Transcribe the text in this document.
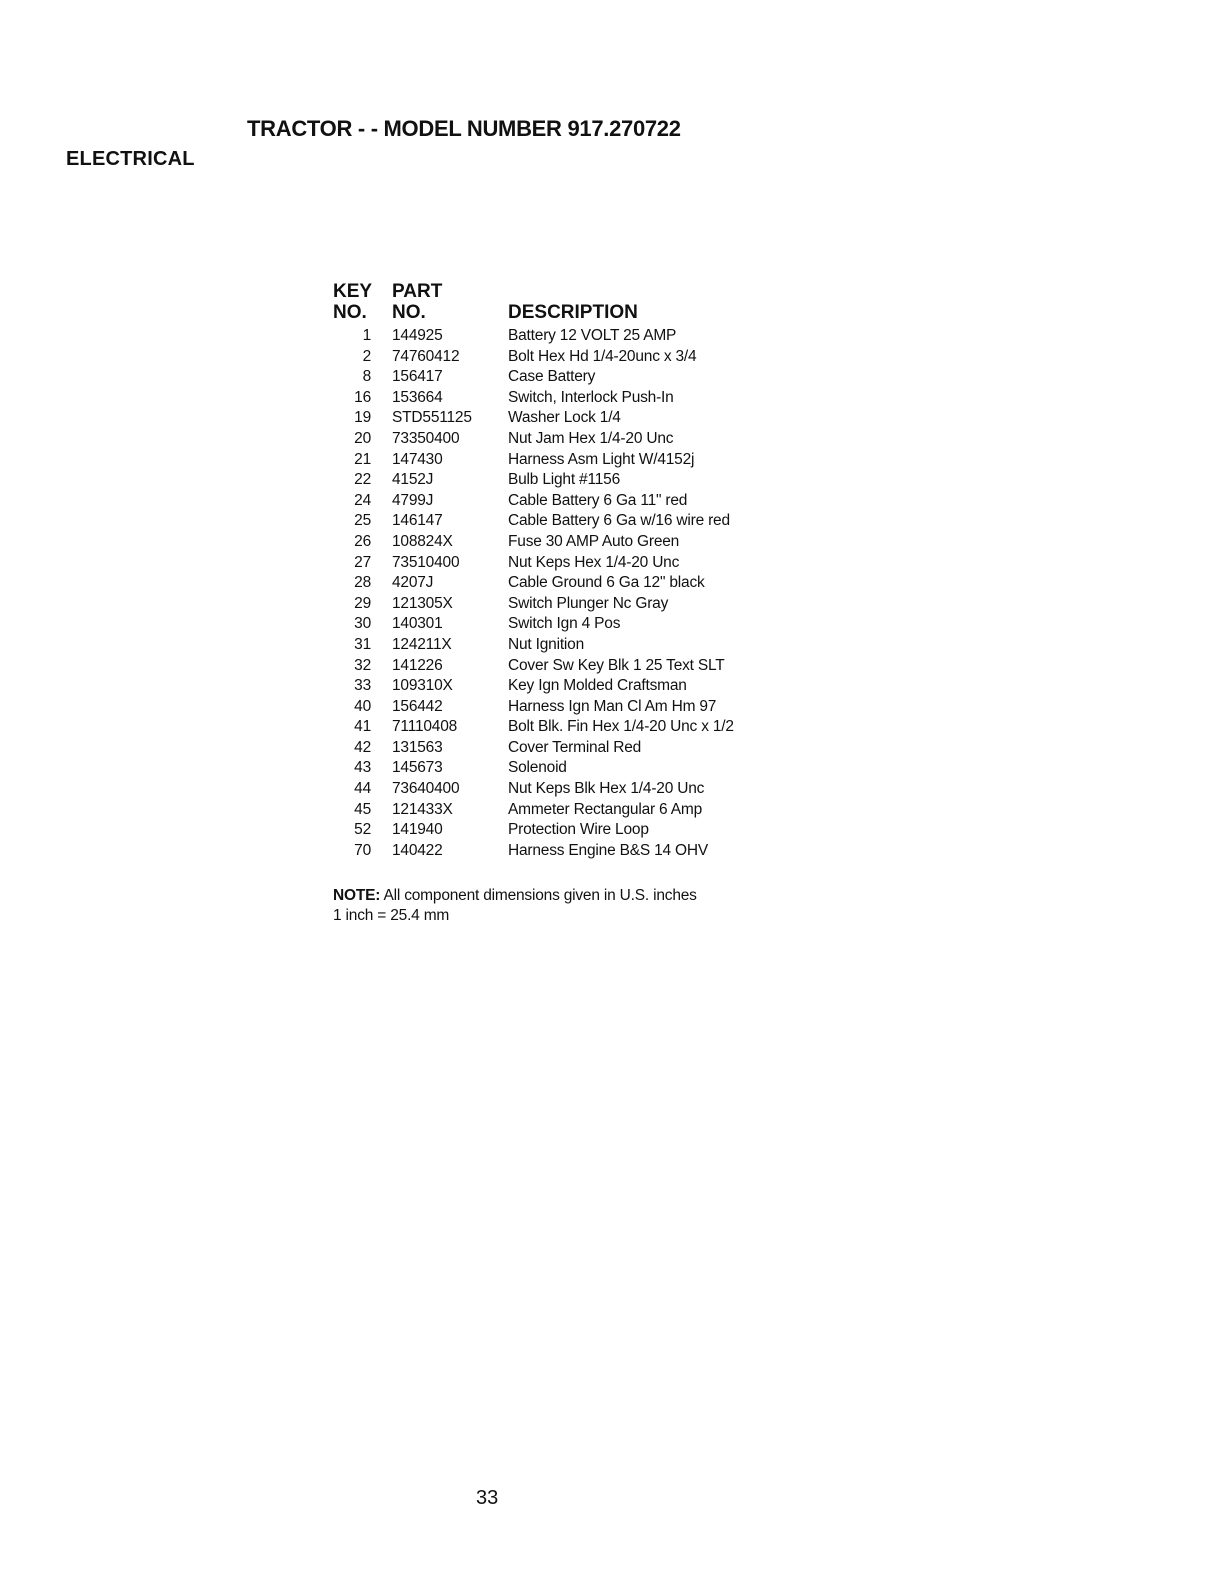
TRACTOR - - MODEL NUMBER 917.270722
ELECTRICAL
KEY	PART	
NO.	NO.	DESCRIPTION
1	144925	Battery 12 VOLT 25 AMP
2	74760412	Bolt Hex Hd 1/4-20unc x 3/4
8	156417	Case Battery
16	153664	Switch, Interlock Push-In
19	STD551125	Washer Lock 1/4
20	73350400	Nut Jam Hex 1/4-20 Unc
21	147430	Harness Asm Light W/4152j
22	4152J	Bulb Light #1156
24	4799J	Cable Battery 6 Ga 11" red
25	146147	Cable Battery 6 Ga w/16 wire red
26	108824X	Fuse 30 AMP Auto Green
27	73510400	Nut Keps Hex 1/4-20 Unc
28	4207J	Cable Ground 6 Ga 12" black
29	121305X	Switch Plunger Nc Gray
30	140301	Switch Ign 4 Pos
31	124211X	Nut Ignition
32	141226	Cover Sw Key Blk 1 25 Text SLT
33	109310X	Key Ign Molded Craftsman
40	156442	Harness Ign Man Cl Am Hm 97
41	71110408	Bolt Blk. Fin Hex 1/4-20 Unc x 1/2
42	131563	Cover Terminal Red
43	145673	Solenoid
44	73640400	Nut Keps Blk Hex 1/4-20 Unc
45	121433X	Ammeter Rectangular 6 Amp
52	141940	Protection Wire Loop
70	140422	Harness Engine B&S 14 OHV
NOTE: All component dimensions given in U.S. inches
1 inch = 25.4 mm
33
